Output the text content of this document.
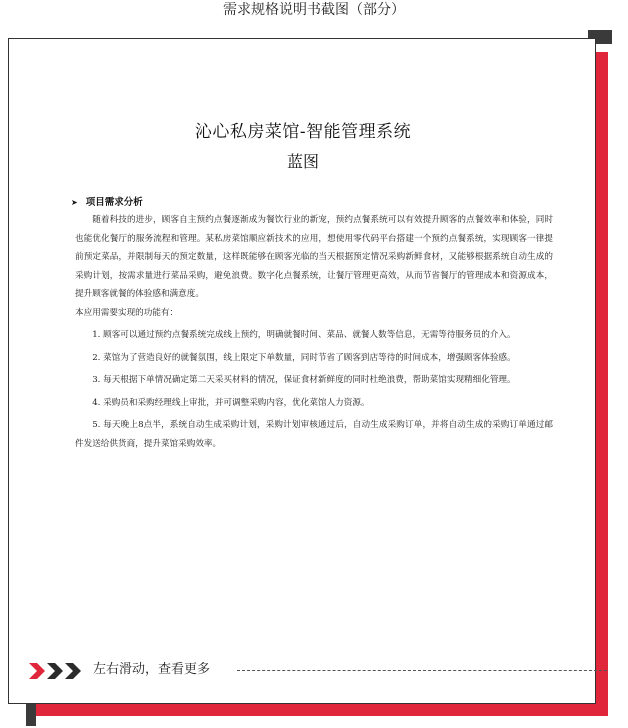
需求规格说明书截图（部分）
沁心私房菜馆-智能管理系统
蓝图
➤ 项目需求分析

随着科技的进步，顾客自主预约点餐逐渐成为餐饮行业的新宠，预约点餐系统可以有效提升顾客的点餐效率和体验，同时也能优化餐厅的服务流程和管理。某私房菜馆顺应新技术的应用，想使用零代码平台搭建一个预约点餐系统，实现顾客一律提前预定菜品，并限制每天的预定数量，这样既能够在顾客光临的当天根据预定情况采购新鲜食材，又能够根据系统自动生成的采购计划，按需求量进行菜品采购，避免浪费。数字化点餐系统，让餐厅管理更高效，从而节省餐厅的管理成本和资源成本，提升顾客就餐的体验感和满意度。

本应用需要实现的功能有：

1. 顾客可以通过预约点餐系统完成线上预约，明确就餐时间、菜品、就餐人数等信息，无需等待服务员的介入。

2. 菜馆为了营造良好的就餐氛围，线上限定下单数量，同时节省了顾客到店等待的时间成本，增强顾客体验感。

3. 每天根据下单情况确定第二天采买材料的情况，保证食材新鲜度的同时杜绝浪费，帮助菜馆实现精细化管理。

4. 采购员和采购经理线上审批，并可调整采购内容，优化菜馆人力资源。

5. 每天晚上8点半，系统自动生成采购计划，采购计划审核通过后，自动生成采购订单，并将自动生成的采购订单通过邮件发送给供货商，提升菜馆采购效率。

左右滑动，查看更多
